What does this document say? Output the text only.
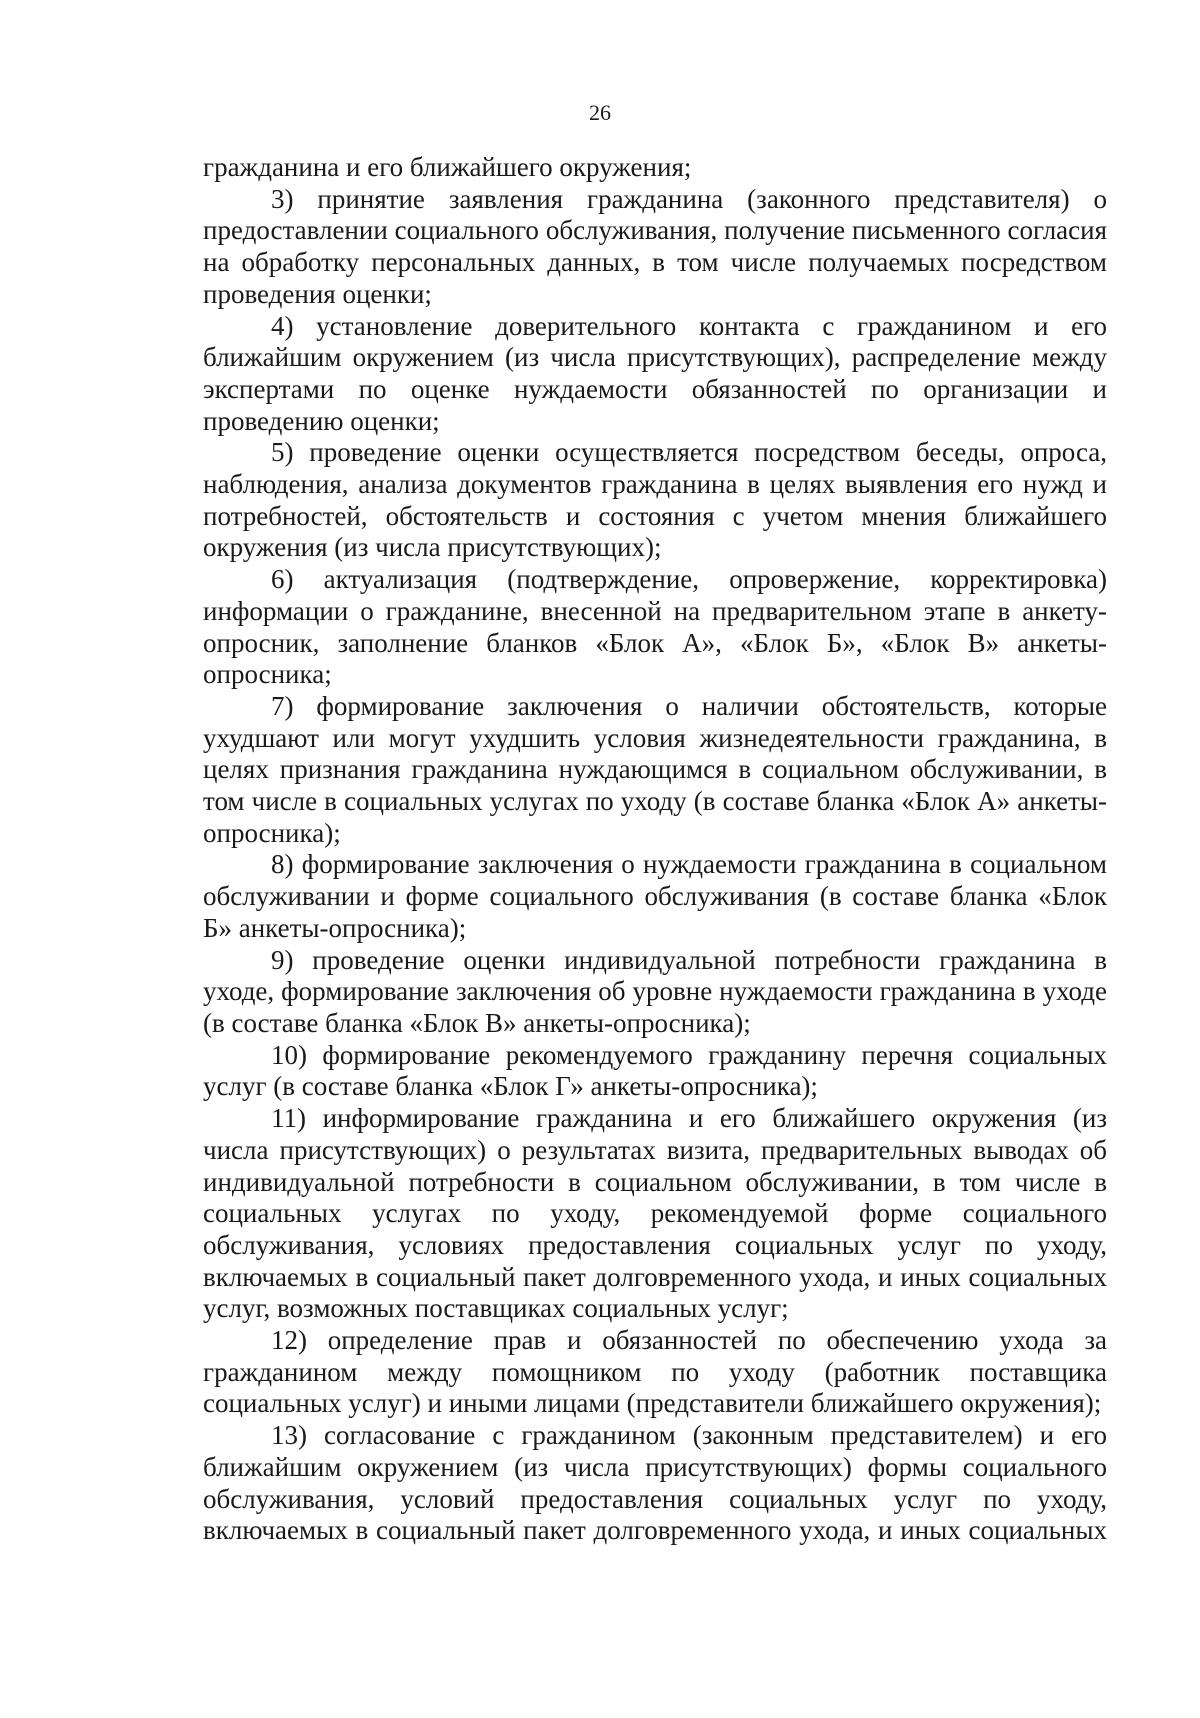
26

гражданина и его ближайшего окружения;

3) принятие заявления гражданина (законного представителя) о предоставлении социального обслуживания, получение письменного согласия на обработку персональных данных, в том числе получаемых посредством проведения оценки;

4) установление доверительного контакта с гражданином и его ближайшим окружением (из числа присутствующих), распределение между экспертами по оценке нуждаемости обязанностей по организации и проведению оценки;

5) проведение оценки осуществляется посредством беседы, опроса, наблюдения, анализа документов гражданина в целях выявления его нужд и потребностей, обстоятельств и состояния с учетом мнения ближайшего окружения (из числа присутствующих);

6) актуализация (подтверждение, опровержение, корректировка) информации о гражданине, внесенной на предварительном этапе в анкету-опросник, заполнение бланков «Блок А», «Блок Б», «Блок В» анкеты-опросника;

7) формирование заключения о наличии обстоятельств, которые ухудшают или могут ухудшить условия жизнедеятельности гражданина, в целях признания гражданина нуждающимся в социальном обслуживании, в том числе в социальных услугах по уходу (в составе бланка «Блок А» анкеты-опросника);

8) формирование заключения о нуждаемости гражданина в социальном обслуживании и форме социального обслуживания (в составе бланка «Блок Б» анкеты-опросника);

9) проведение оценки индивидуальной потребности гражданина в уходе, формирование заключения об уровне нуждаемости гражданина в уходе (в составе бланка «Блок В» анкеты-опросника);

10) формирование рекомендуемого гражданину перечня социальных услуг (в составе бланка «Блок Г» анкеты-опросника);

11) информирование гражданина и его ближайшего окружения (из числа присутствующих) о результатах визита, предварительных выводах об индивидуальной потребности в социальном обслуживании, в том числе в социальных услугах по уходу, рекомендуемой форме социального обслуживания, условиях предоставления социальных услуг по уходу, включаемых в социальный пакет долговременного ухода, и иных социальных услуг, возможных поставщиках социальных услуг;

12) определение прав и обязанностей по обеспечению ухода за гражданином между помощником по уходу (работник поставщика социальных услуг) и иными лицами (представители ближайшего окружения);

13) согласование с гражданином (законным представителем) и его ближайшим окружением (из числа присутствующих) формы социального обслуживания, условий предоставления социальных услуг по уходу, включаемых в социальный пакет долговременного ухода, и иных социальных
